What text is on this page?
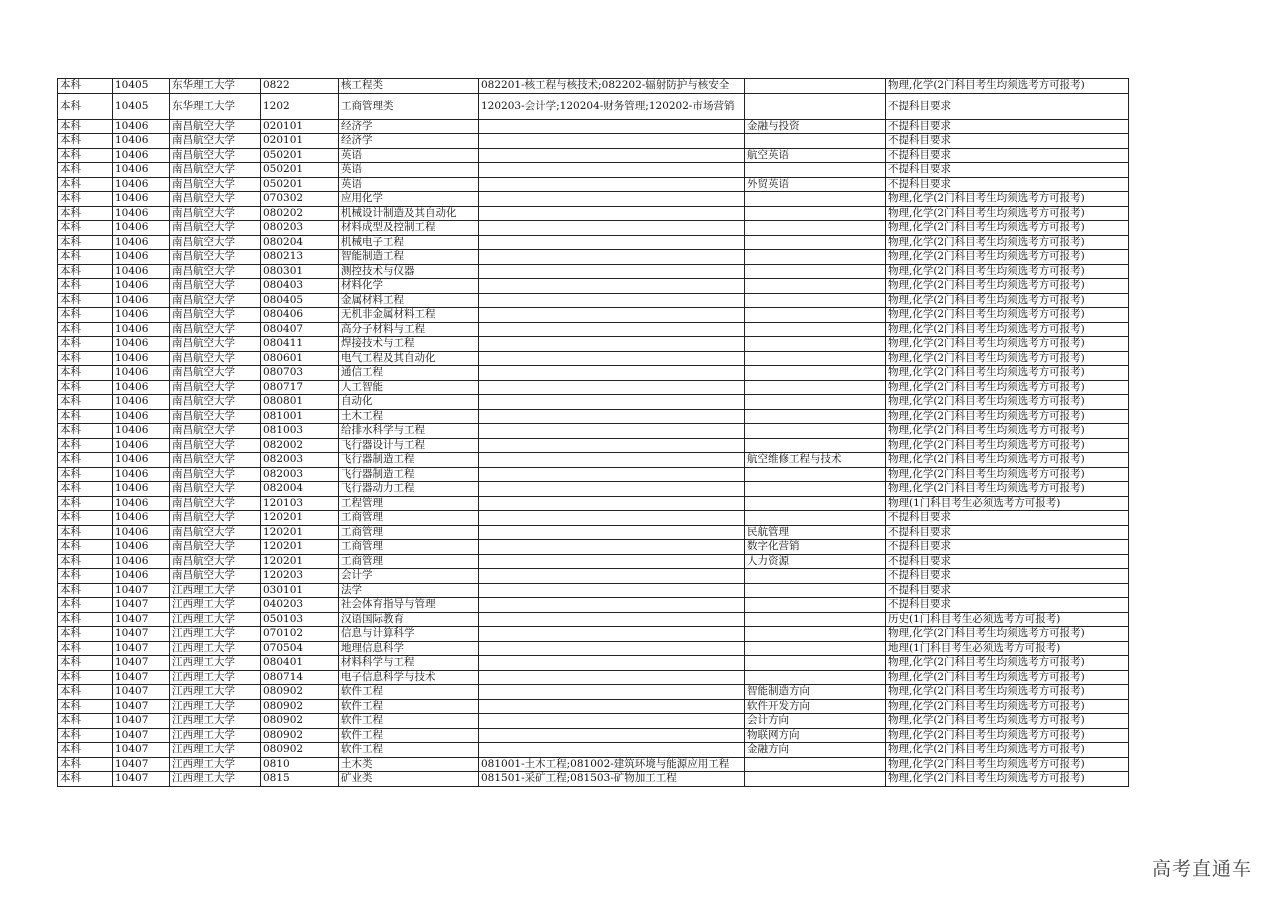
本科	10405	东华理工大学	0822	核工程类	082201-核工程与核技术;082202-辐射防护与核安全		物理,化学(2门科目考生均须选考方可报考)
本科	10405	东华理工大学	1202	工商管理类	120203-会计学;120204-财务管理;120202-市场营销		不提科目要求
本科	10406	南昌航空大学	020101	经济学		金融与投资	不提科目要求
本科	10406	南昌航空大学	020101	经济学			不提科目要求
本科	10406	南昌航空大学	050201	英语		航空英语	不提科目要求
本科	10406	南昌航空大学	050201	英语			不提科目要求
本科	10406	南昌航空大学	050201	英语		外贸英语	不提科目要求
本科	10406	南昌航空大学	070302	应用化学			物理,化学(2门科目考生均须选考方可报考)
本科	10406	南昌航空大学	080202	机械设计制造及其自动化			物理,化学(2门科目考生均须选考方可报考)
本科	10406	南昌航空大学	080203	材料成型及控制工程			物理,化学(2门科目考生均须选考方可报考)
本科	10406	南昌航空大学	080204	机械电子工程			物理,化学(2门科目考生均须选考方可报考)
本科	10406	南昌航空大学	080213	智能制造工程			物理,化学(2门科目考生均须选考方可报考)
本科	10406	南昌航空大学	080301	测控技术与仪器			物理,化学(2门科目考生均须选考方可报考)
本科	10406	南昌航空大学	080403	材料化学			物理,化学(2门科目考生均须选考方可报考)
本科	10406	南昌航空大学	080405	金属材料工程			物理,化学(2门科目考生均须选考方可报考)
本科	10406	南昌航空大学	080406	无机非金属材料工程			物理,化学(2门科目考生均须选考方可报考)
本科	10406	南昌航空大学	080407	高分子材料与工程			物理,化学(2门科目考生均须选考方可报考)
本科	10406	南昌航空大学	080411	焊接技术与工程			物理,化学(2门科目考生均须选考方可报考)
本科	10406	南昌航空大学	080601	电气工程及其自动化			物理,化学(2门科目考生均须选考方可报考)
本科	10406	南昌航空大学	080703	通信工程			物理,化学(2门科目考生均须选考方可报考)
本科	10406	南昌航空大学	080717	人工智能			物理,化学(2门科目考生均须选考方可报考)
本科	10406	南昌航空大学	080801	自动化			物理,化学(2门科目考生均须选考方可报考)
本科	10406	南昌航空大学	081001	土木工程			物理,化学(2门科目考生均须选考方可报考)
本科	10406	南昌航空大学	081003	给排水科学与工程			物理,化学(2门科目考生均须选考方可报考)
本科	10406	南昌航空大学	082002	飞行器设计与工程			物理,化学(2门科目考生均须选考方可报考)
本科	10406	南昌航空大学	082003	飞行器制造工程		航空维修工程与技术	物理,化学(2门科目考生均须选考方可报考)
本科	10406	南昌航空大学	082003	飞行器制造工程			物理,化学(2门科目考生均须选考方可报考)
本科	10406	南昌航空大学	082004	飞行器动力工程			物理,化学(2门科目考生均须选考方可报考)
本科	10406	南昌航空大学	120103	工程管理			物理(1门科目考生必须选考方可报考)
本科	10406	南昌航空大学	120201	工商管理			不提科目要求
本科	10406	南昌航空大学	120201	工商管理		民航管理	不提科目要求
本科	10406	南昌航空大学	120201	工商管理		数字化营销	不提科目要求
本科	10406	南昌航空大学	120201	工商管理		人力资源	不提科目要求
本科	10406	南昌航空大学	120203	会计学			不提科目要求
本科	10407	江西理工大学	030101	法学			不提科目要求
本科	10407	江西理工大学	040203	社会体育指导与管理			不提科目要求
本科	10407	江西理工大学	050103	汉语国际教育			历史(1门科目考生必须选考方可报考)
本科	10407	江西理工大学	070102	信息与计算科学			物理,化学(2门科目考生均须选考方可报考)
本科	10407	江西理工大学	070504	地理信息科学			地理(1门科目考生必须选考方可报考)
本科	10407	江西理工大学	080401	材料科学与工程			物理,化学(2门科目考生均须选考方可报考)
本科	10407	江西理工大学	080714	电子信息科学与技术			物理,化学(2门科目考生均须选考方可报考)
本科	10407	江西理工大学	080902	软件工程		智能制造方向	物理,化学(2门科目考生均须选考方可报考)
本科	10407	江西理工大学	080902	软件工程		软件开发方向	物理,化学(2门科目考生均须选考方可报考)
本科	10407	江西理工大学	080902	软件工程		会计方向	物理,化学(2门科目考生均须选考方可报考)
本科	10407	江西理工大学	080902	软件工程		物联网方向	物理,化学(2门科目考生均须选考方可报考)
本科	10407	江西理工大学	080902	软件工程		金融方向	物理,化学(2门科目考生均须选考方可报考)
本科	10407	江西理工大学	0810	土木类	081001-土木工程;081002-建筑环境与能源应用工程		物理,化学(2门科目考生均须选考方可报考)
本科	10407	江西理工大学	0815	矿业类	081501-采矿工程;081503-矿物加工工程		物理,化学(2门科目考生均须选考方可报考)
高考直通车
